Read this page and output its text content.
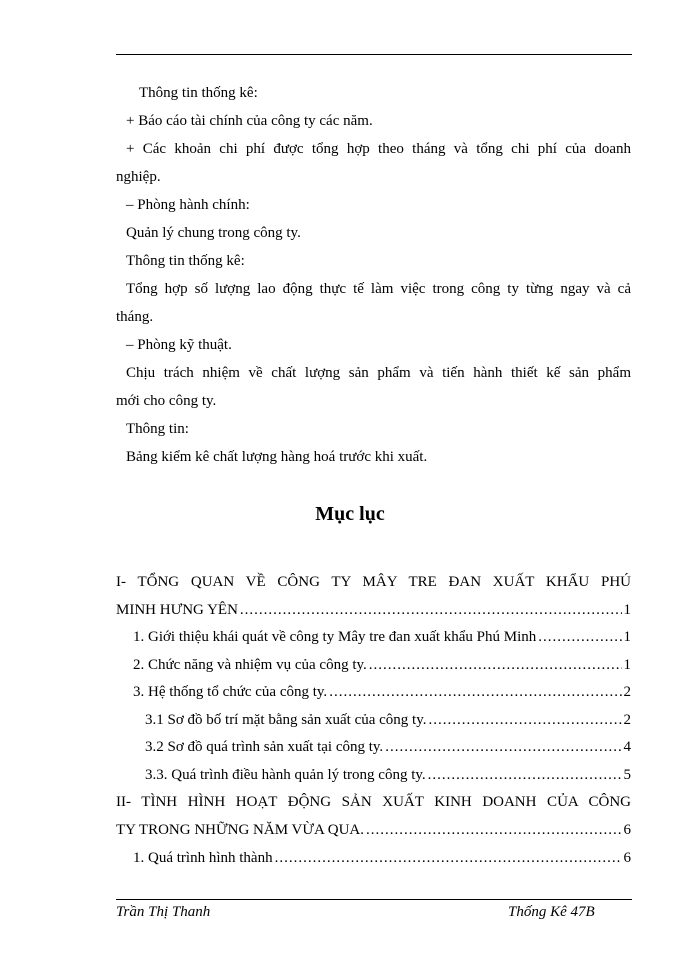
Thông tin thống kê:
+ Báo cáo tài chính của công ty các năm.
+ Các khoản chi phí được tổng hợp theo tháng và tổng chi phí của doanh
nghiệp.
– Phòng hành chính:
Quản lý chung trong công ty.
Thông tin thống kê:
Tổng hợp số lượng lao động thực tế làm việc trong công ty từng ngay và cả
tháng.
– Phòng kỹ thuật.
Chịu trách nhiệm về chất lượng sản phẩm và tiến hành thiết kế sản phẩm
mới cho công ty.
Thông tin:
Bảng kiểm kê chất lượng hàng hoá trước khi xuất.
Mục lục
I- TỔNG QUAN VỀ CÔNG TY MÂY TRE ĐAN XUẤT KHẨU PHÚ
MINH HƯNG YÊN .....	1
1. Giới thiệu khái quát về công ty Mây tre đan xuất khẩu Phú Minh .....	1
2. Chức năng và nhiệm vụ của công ty. .....	1
3. Hệ thống tổ chức của công ty. .....	2
3.1 Sơ đồ bố trí mặt bằng sản xuất của công ty. .....	2
3.2 Sơ đồ quá trình sản xuất tại công ty. .....	4
3.3. Quá trình điều hành quản lý trong công ty. .....	5
II- TÌNH HÌNH HOẠT ĐỘNG SẢN XUẤT KINH DOANH CỦA CÔNG
TY TRONG NHỮNG NĂM VỪA QUA. .....	6
1. Quá trình hình thành .....	6
Trần Thị Thanh	Thống Kê 47B
